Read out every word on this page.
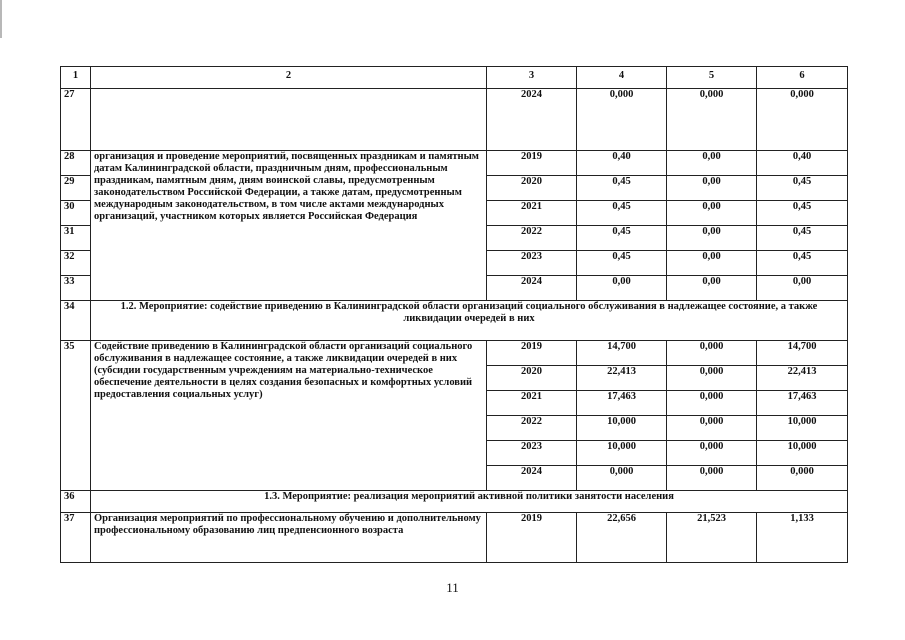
1	2	3	4	5	6
27		2024	0,000	0,000	0,000
28	организация и проведение мероприятий, посвященных праздникам и памятным датам Калининградской области, праздничным дням, профессиональным праздникам, памятным дням, дням воинской славы, предусмотренным законодательством Российской Федерации, а также датам, предусмотренным международным законодательством, в том числе актами международных организаций, участником которых является Российская Федерация	2019	0,40	0,00	0,40
29		2020	0,45	0,00	0,45
30		2021	0,45	0,00	0,45
31		2022	0,45	0,00	0,45
32		2023	0,45	0,00	0,45
33		2024	0,00	0,00	0,00
34	1.2. Мероприятие: содействие приведению в Калининградской области организаций социального обслуживания в надлежащее состояние, а также ликвидации очередей в них				
35	Содействие приведению в Калининградской области организаций социального обслуживания в надлежащее состояние, а также ликвидации очередей в них (субсидии государственным учреждениям на материально-техническое обеспечение деятельности в целях создания безопасных и комфортных условий предоставления социальных услуг)	2019	14,700	0,000	14,700
		2020	22,413	0,000	22,413
		2021	17,463	0,000	17,463
		2022	10,000	0,000	10,000
		2023	10,000	0,000	10,000
		2024	0,000	0,000	0,000
36	1.3. Мероприятие: реализация мероприятий активной политики занятости населения				
37	Организация мероприятий по профессиональному обучению и дополнительному профессиональному образованию лиц предпенсионного возраста	2019	22,656	21,523	1,133
11
